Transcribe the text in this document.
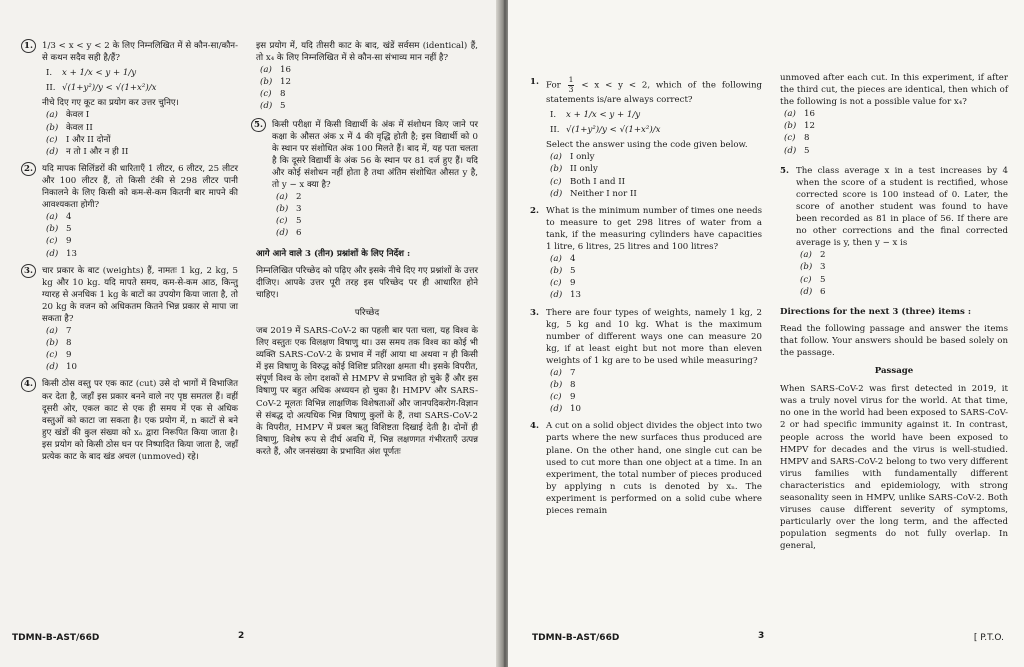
1.	1/3 < x < y < 2 के लिए निम्नलिखित में से कौन-सा/कौन-से कथन सदैव सही है/हैं?
I.	x + 1/x < y + 1/y
II. √(1+y²)/y < √(1+x²)/x
नीचे दिए गए कूट का प्रयोग कर उत्तर चुनिए।
(a) केवल I
(b) केवल II
(c) I और II दोनों
(d) न तो I और न ही II
2.	यदि मापक सिलिंडरों की धारिताएँ 1 लीटर, 6 लीटर, 25 लीटर और 100 लीटर हैं, तो किसी टंकी से 298 लीटर पानी निकालने के लिए किसी को कम-से-कम कितनी बार मापने की आवश्यकता होगी?
(a) 4
(b) 5
(c) 9
(d) 13
3.	चार प्रकार के बाट (weights) हैं, नामतः 1 kg, 2 kg, 5 kg और 10 kg. यदि मापते समय, कम-से-कम आठ, किन्तु ग्यारह से अनधिक 1 kg के बाटों का उपयोग किया जाता है, तो 20 kg के वजन को अधिकतम कितने भिन्न प्रकार से मापा जा सकता है?
(a) 7
(b) 8
(c) 9
(d) 10
4.	किसी ठोस वस्तु पर एक काट (cut) उसे दो भागों में विभाजित कर देता है, जहाँ इस प्रकार बनने वाले नए पृष्ठ समतल हैं। वहीं दूसरी ओर, एकल काट से एक ही समय में एक से अधिक वस्तुओं को काटा जा सकता है। एक प्रयोग में, n काटों से बने हुए खंडों की कुल संख्या को xₙ द्वारा निरूपित किया जाता है। इस प्रयोग को किसी ठोस घन पर निष्पादित किया जाता है, जहाँ प्रत्येक काट के बाद खंड अचल (unmoved) रहे।
इस प्रयोग में, यदि तीसरी काट के बाद, खंडें सर्वसम (identical) हैं, तो x₄ के लिए निम्नलिखित में से कौन-सा संभाव्य मान नहीं है?
(a) 16
(b) 12
(c) 8
(d) 5
5.	किसी परीक्षा में किसी विद्यार्थी के अंक में संशोधन किए जाने पर कक्षा के औसत अंक x में 4 की वृद्धि होती है; इस विद्यार्थी को 0 के स्थान पर संशोधित अंक 100 मिलते हैं। बाद में, यह पता चलता है कि दूसरे विद्यार्थी के अंक 56 के स्थान पर 81 दर्ज हुए हैं। यदि और कोई संशोधन नहीं होता है तथा अंतिम संशोधित औसत y है, तो y − x क्या है?
(a) 2
(b) 3
(c) 5
(d) 6
आगे आने वाले 3 (तीन) प्रश्नांशों के लिए निर्देश :
निम्नलिखित परिच्छेद को पढ़िए और इसके नीचे दिए गए प्रश्नांशों के उत्तर दीजिए। आपके उत्तर पूरी तरह इस परिच्छेद पर ही आधारित होने चाहिए।
परिच्छेद
जब 2019 में SARS-CoV-2 का पहली बार पता चला, यह विश्व के लिए वस्तुतः एक विलक्षण विषाणु था। उस समय तक विश्व का कोई भी व्यक्ति SARS-CoV-2 के प्रभाव में नहीं आया था अथवा न ही किसी में इस विषाणु के विरुद्ध कोई विशिष्ट प्रतिरक्षा क्षमता थी। इसके विपरीत, संपूर्ण विश्व के लोग दशकों से HMPV से प्रभावित हो चुके हैं और इस विषाणु पर बहुत अधिक अध्ययन हो चुका है। HMPV और SARS-CoV-2 मूलतः विभिन्न लाक्षणिक विशेषताओं और जानपदिकरोग-विज्ञान से संबद्ध दो अत्यधिक भिन्न विषाणु कुलों के हैं, तथा SARS-CoV-2 के विपरीत, HMPV में प्रबल ऋतु विशिष्टता दिखाई देती है। दोनों ही विषाणु, विशेष रूप से दीर्घ अवधि में, भिन्न लक्षणगत गंभीरताएँ उत्पन्न करते हैं, और जनसंख्या के प्रभावित अंश पूर्णतः
TDMN-B-AST/66D	2
1. For $\frac{1}{3} < x < y < 2$, which of the following statements is/are always correct?
I.	x + 1/x < y + 1/y
II. √(1+y²)/y < √(1+x²)/x
Select the answer using the code given below.
(a) I only
(b) II only
(c) Both I and II
(d) Neither I nor II
2. What is the minimum number of times one needs to measure to get 298 litres of water from a tank, if the measuring cylinders have capacities 1 litre, 6 litres, 25 litres and 100 litres?
(a) 4
(b) 5
(c) 9
(d) 13
3. There are four types of weights, namely 1 kg, 2 kg, 5 kg and 10 kg. What is the maximum number of different ways one can measure 20 kg, if at least eight but not more than eleven weights of 1 kg are to be used while measuring?
(a) 7
(b) 8
(c) 9
(d) 10
4. A cut on a solid object divides the object into two parts where the new surfaces thus produced are plane. On the other hand, one single cut can be used to cut more than one object at a time. In an experiment, the total number of pieces produced by applying n cuts is denoted by xₙ. The experiment is performed on a solid cube where pieces remain
unmoved after each cut. In this experiment, if after the third cut, the pieces are identical, then which of the following is not a possible value for x₄?
(a) 16
(b) 12
(c) 8
(d) 5
5. The class average x in a test increases by 4 when the score of a student is rectified, whose corrected score is 100 instead of 0. Later, the score of another student was found to have been recorded as 81 in place of 56. If there are no other corrections and the final corrected average is y, then y − x is
(a) 2
(b) 3
(c) 5
(d) 6
Directions for the next 3 (three) items :
Read the following passage and answer the items that follow. Your answers should be based solely on the passage.
Passage
When SARS-CoV-2 was first detected in 2019, it was a truly novel virus for the world. At that time, no one in the world had been exposed to SARS-CoV-2 or had specific immunity against it. In contrast, people across the world have been exposed to HMPV for decades and the virus is well-studied. HMPV and SARS-CoV-2 belong to two very different virus families with fundamentally different characteristics and epidemiology, with strong seasonality seen in HMPV, unlike SARS-CoV-2. Both viruses cause different severity of symptoms, particularly over the long term, and the affected population segments do not fully overlap. In general,
TDMN-B-AST/66D	3	[ P.T.O.
